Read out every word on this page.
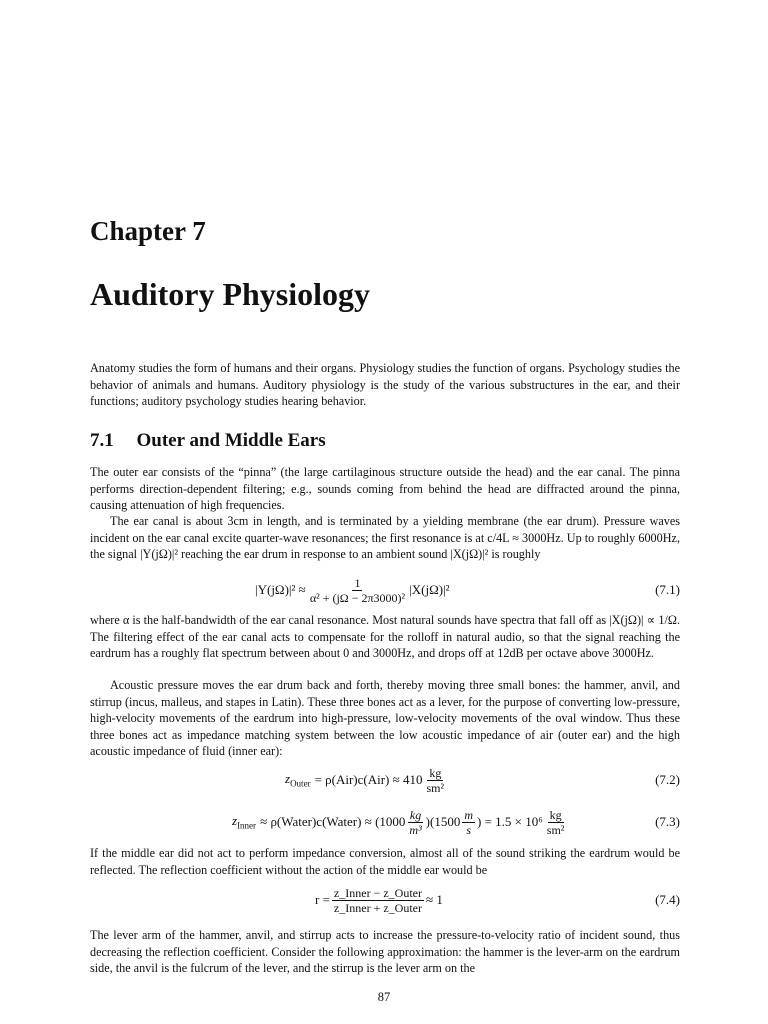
Chapter 7
Auditory Physiology
Anatomy studies the form of humans and their organs. Physiology studies the function of organs. Psychology studies the behavior of animals and humans. Auditory physiology is the study of the various substructures in the ear, and their functions; auditory psychology studies hearing behavior.
7.1 Outer and Middle Ears
The outer ear consists of the “pinna” (the large cartilaginous structure outside the head) and the ear canal. The pinna performs direction-dependent filtering; e.g., sounds coming from behind the head are diffracted around the pinna, causing attenuation of high frequencies.
The ear canal is about 3cm in length, and is terminated by a yielding membrane (the ear drum). Pressure waves incident on the ear canal excite quarter-wave resonances; the first resonance is at c/4L ≈ 3000Hz. Up to roughly 6000Hz, the signal |Y(jΩ)|² reaching the ear drum in response to an ambient sound |X(jΩ)|² is roughly
$|Y(j\Omega)|^2 \approx \frac{1}{\text{α² + (jΩ − 2π3000)²}} |X(j\Omega)|^2$	(7.1)
where α is the half-bandwidth of the ear canal resonance. Most natural sounds have spectra that fall off as |X(jΩ)| ∝ 1/Ω. The filtering effect of the ear canal acts to compensate for the rolloff in natural audio, so that the signal reaching the eardrum has a roughly flat spectrum between about 0 and 3000Hz, and drops off at 12dB per octave above 3000Hz.
Acoustic pressure moves the ear drum back and forth, thereby moving three small bones: the hammer, anvil, and stirrup (incus, malleus, and stapes in Latin). These three bones act as a lever, for the purpose of converting low-pressure, high-velocity movements of the eardrum into high-pressure, low-velocity movements of the oval window. Thus these three bones act as impedance matching system between the low acoustic impedance of air (outer ear) and the high acoustic impedance of fluid (inner ear):
$z_{Outer} = \rho(Air)c(Air) \approx 410 \frac{kg}{\text{sm²}}$	(7.2)
$z_{Inner}$ ≈ ρ(Water)c(Water) ≈ $(1000 \frac{kg}{\text{m³}} )(1500 \frac{m}{s}$ ) = $1.5 \times 10^6 \frac{kg}{\text{sm²}}$	(7.3)
If the middle ear did not act to perform impedance conversion, almost all of the sound striking the eardrum would be reflected. The reflection coefficient without the action of the middle ear would be
$r = \frac{\text{z\_Inner − z\_Outer}}{\text{z\_Inner + z\_Outer}} \approx 1$	(7.4)
The lever arm of the hammer, anvil, and stirrup acts to increase the pressure-to-velocity ratio of incident sound, thus decreasing the reflection coefficient. Consider the following approximation: the hammer is the lever-arm on the eardrum side, the anvil is the fulcrum of the lever, and the stirrup is the lever arm on the
87
